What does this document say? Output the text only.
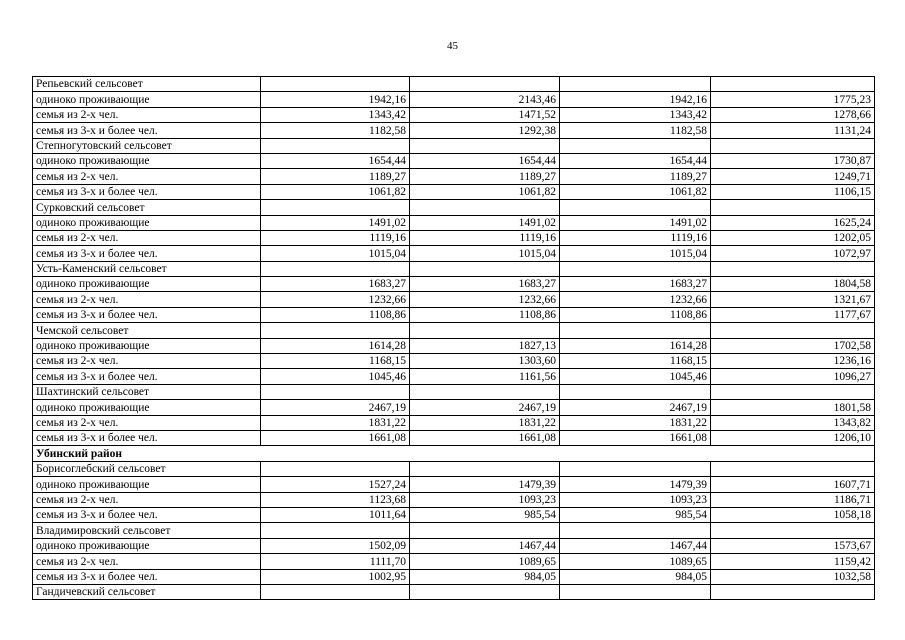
45
Репьевский сельсовет				
одиноко проживающие	1942,16	2143,46	1942,16	1775,23
семья из 2-х чел.	1343,42	1471,52	1343,42	1278,66
семья из 3-х и более чел.	1182,58	1292,38	1182,58	1131,24
Степногутовский сельсовет				
одиноко проживающие	1654,44	1654,44	1654,44	1730,87
семья из 2-х чел.	1189,27	1189,27	1189,27	1249,71
семья из 3-х и более чел.	1061,82	1061,82	1061,82	1106,15
Сурковский сельсовет				
одиноко проживающие	1491,02	1491,02	1491,02	1625,24
семья из 2-х чел.	1119,16	1119,16	1119,16	1202,05
семья из 3-х и более чел.	1015,04	1015,04	1015,04	1072,97
Усть-Каменский сельсовет				
одиноко проживающие	1683,27	1683,27	1683,27	1804,58
семья из 2-х чел.	1232,66	1232,66	1232,66	1321,67
семья из 3-х и более чел.	1108,86	1108,86	1108,86	1177,67
Чемской сельсовет				
одиноко проживающие	1614,28	1827,13	1614,28	1702,58
семья из 2-х чел.	1168,15	1303,60	1168,15	1236,16
семья из 3-х и более чел.	1045,46	1161,56	1045,46	1096,27
Шахтинский сельсовет				
одиноко проживающие	2467,19	2467,19	2467,19	1801,58
семья из 2-х чел.	1831,22	1831,22	1831,22	1343,82
семья из 3-х и более чел.	1661,08	1661,08	1661,08	1206,10
Убинский район				
Борисоглебский сельсовет				
одиноко проживающие	1527,24	1479,39	1479,39	1607,71
семья из 2-х чел.	1123,68	1093,23	1093,23	1186,71
семья из 3-х и более чел.	1011,64	985,54	985,54	1058,18
Владимировский сельсовет				
одиноко проживающие	1502,09	1467,44	1467,44	1573,67
семья из 2-х чел.	1111,70	1089,65	1089,65	1159,42
семья из 3-х и более чел.	1002,95	984,05	984,05	1032,58
Гандичевский сельсовет				
